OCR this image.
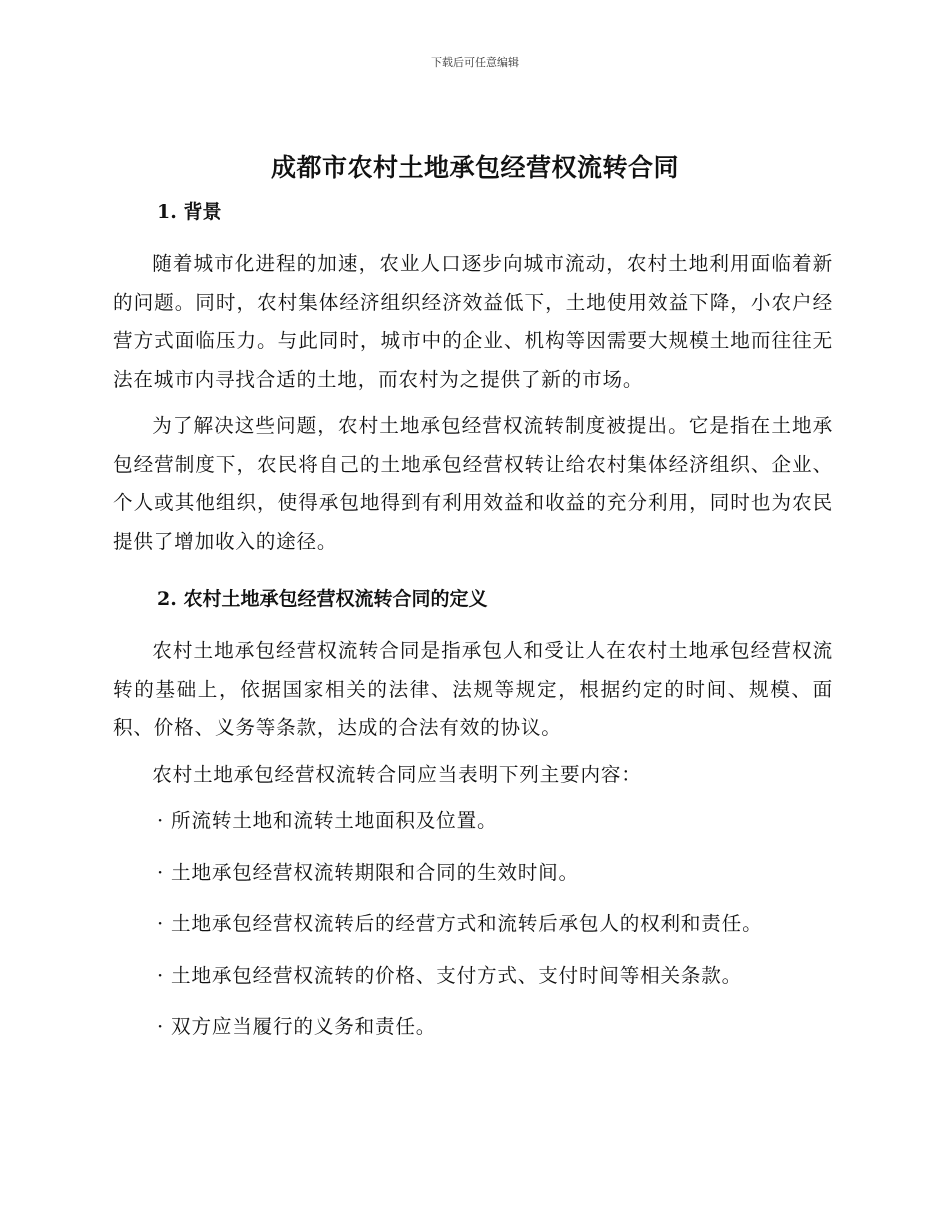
下载后可任意编辑
成都市农村土地承包经营权流转合同
1. 背景

随着城市化进程的加速，农业人口逐步向城市流动，农村土地利用面临着新的问题。同时，农村集体经济组织经济效益低下，土地使用效益下降，小农户经营方式面临压力。与此同时，城市中的企业、机构等因需要大规模土地而往往无法在城市内寻找合适的土地，而农村为之提供了新的市场。

为了解决这些问题，农村土地承包经营权流转制度被提出。它是指在土地承包经营制度下，农民将自己的土地承包经营权转让给农村集体经济组织、企业、个人或其他组织，使得承包地得到有利用效益和收益的充分利用，同时也为农民提供了增加收入的途径。

2. 农村土地承包经营权流转合同的定义

农村土地承包经营权流转合同是指承包人和受让人在农村土地承包经营权流转的基础上，依据国家相关的法律、法规等规定，根据约定的时间、规模、面积、价格、义务等条款，达成的合法有效的协议。

农村土地承包经营权流转合同应当表明下列主要内容：

· 所流转土地和流转土地面积及位置。
· 土地承包经营权流转期限和合同的生效时间。
· 土地承包经营权流转后的经营方式和流转后承包人的权利和责任。
· 土地承包经营权流转的价格、支付方式、支付时间等相关条款。
· 双方应当履行的义务和责任。
